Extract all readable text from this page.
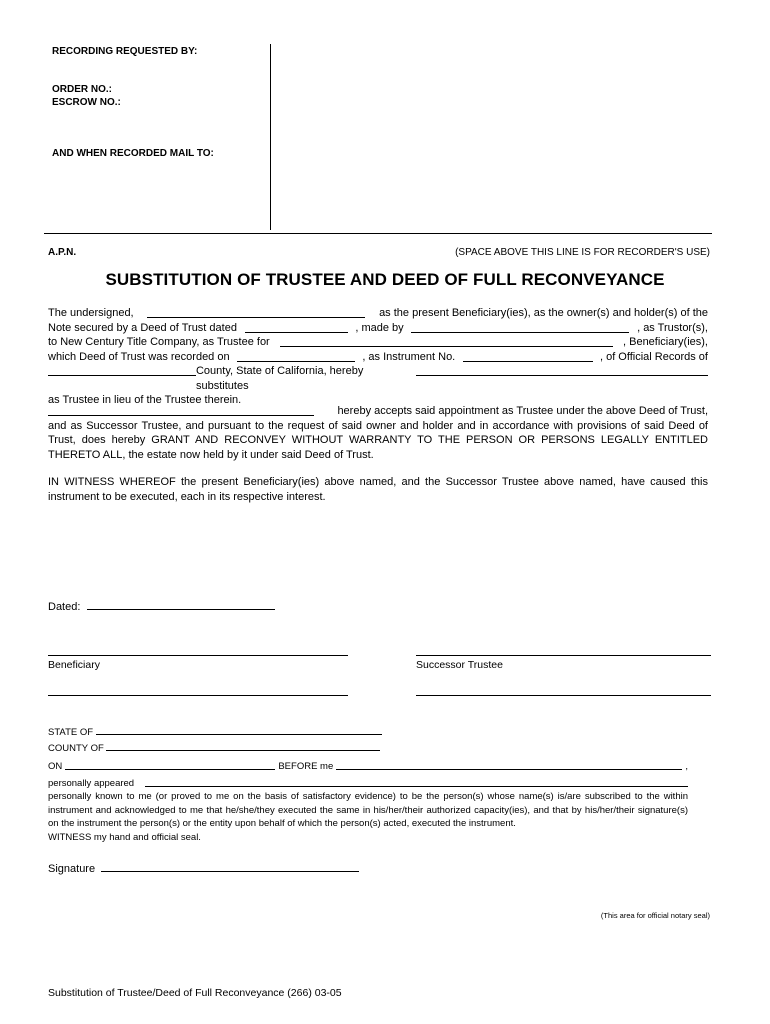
RECORDING REQUESTED BY:
ORDER NO.:
ESCROW NO.:
AND WHEN RECORDED MAIL TO:
A.P.N.	(SPACE ABOVE THIS LINE IS FOR RECORDER'S USE)
SUBSTITUTION OF TRUSTEE AND DEED OF FULL RECONVEYANCE
The undersigned,	as the present Beneficiary(ies), as the owner(s) and holder(s) of the
Note secured by a Deed of Trust dated	, made by	, as Trustor(s),
to New Century Title Company, as Trustee for	, Beneficiary(ies),
which Deed of Trust was recorded on	, as Instrument No.	, of Official Records of
County, State of California, hereby substitutes
as Trustee in lieu of the Trustee therein.
hereby accepts said appointment as Trustee under the above Deed of Trust,
and as Successor Trustee, and pursuant to the request of said owner and holder and in accordance with provisions of said Deed of Trust, does hereby GRANT AND RECONVEY WITHOUT WARRANTY TO THE PERSON OR PERSONS LEGALLY ENTITLED THERETO ALL, the estate now held by it under said Deed of Trust.
IN WITNESS WHEREOF the present Beneficiary(ies) above named, and the Successor Trustee above named, have caused this instrument to be executed, each in its respective interest.
Dated:
Beneficiary	Successor Trustee
STATE OF
COUNTY OF
ON	BEFORE me	,
personally appeared
personally known to me (or proved to me on the basis of satisfactory evidence) to be the person(s) whose name(s) is/are subscribed to the within instrument and acknowledged to me that he/she/they executed the same in his/her/their authorized capacity(ies), and that by his/her/their signature(s) on the instrument the person(s) or the entity upon behalf of which the person(s) acted, executed the instrument.
WITNESS my hand and official seal.
Signature
(This area for official notary seal)
Substitution of Trustee/Deed of Full Reconveyance (266) 03-05
